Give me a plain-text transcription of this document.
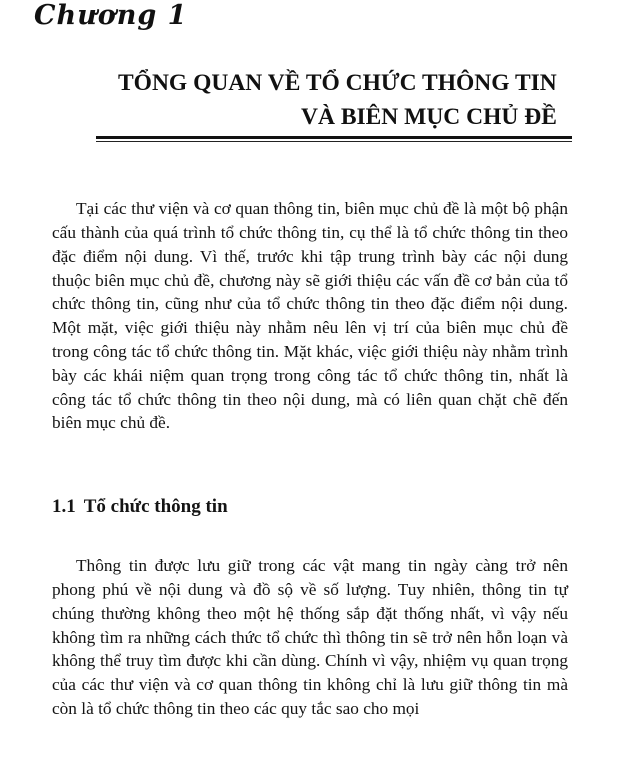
Chương 1
TỔNG QUAN VỀ TỔ CHỨC THÔNG TIN
VÀ BIÊN MỤC CHỦ ĐỀ

Tại các thư viện và cơ quan thông tin, biên mục chủ đề là một bộ phận cấu thành của quá trình tổ chức thông tin, cụ thể là tổ chức thông tin theo đặc điểm nội dung. Vì thế, trước khi tập trung trình bày các nội dung thuộc biên mục chủ đề, chương này sẽ giới thiệu các vấn đề cơ bản của tổ chức thông tin, cũng như của tổ chức thông tin theo đặc điểm nội dung. Một mặt, việc giới thiệu này nhằm nêu lên vị trí của biên mục chủ đề trong công tác tổ chức thông tin. Mặt khác, việc giới thiệu này nhằm trình bày các khái niệm quan trọng trong công tác tổ chức thông tin, nhất là công tác tổ chức thông tin theo nội dung, mà có liên quan chặt chẽ đến biên mục chủ đề.

1.1 Tổ chức thông tin

Thông tin được lưu giữ trong các vật mang tin ngày càng trở nên phong phú về nội dung và đồ sộ về số lượng. Tuy nhiên, thông tin tự chúng thường không theo một hệ thống sắp đặt thống nhất, vì vậy nếu không tìm ra những cách thức tổ chức thì thông tin sẽ trở nên hỗn loạn và không thể truy tìm được khi cần dùng. Chính vì vậy, nhiệm vụ quan trọng của các thư viện và cơ quan thông tin không chỉ là lưu giữ thông tin mà còn là tổ chức thông tin theo các quy tắc sao cho mọi
